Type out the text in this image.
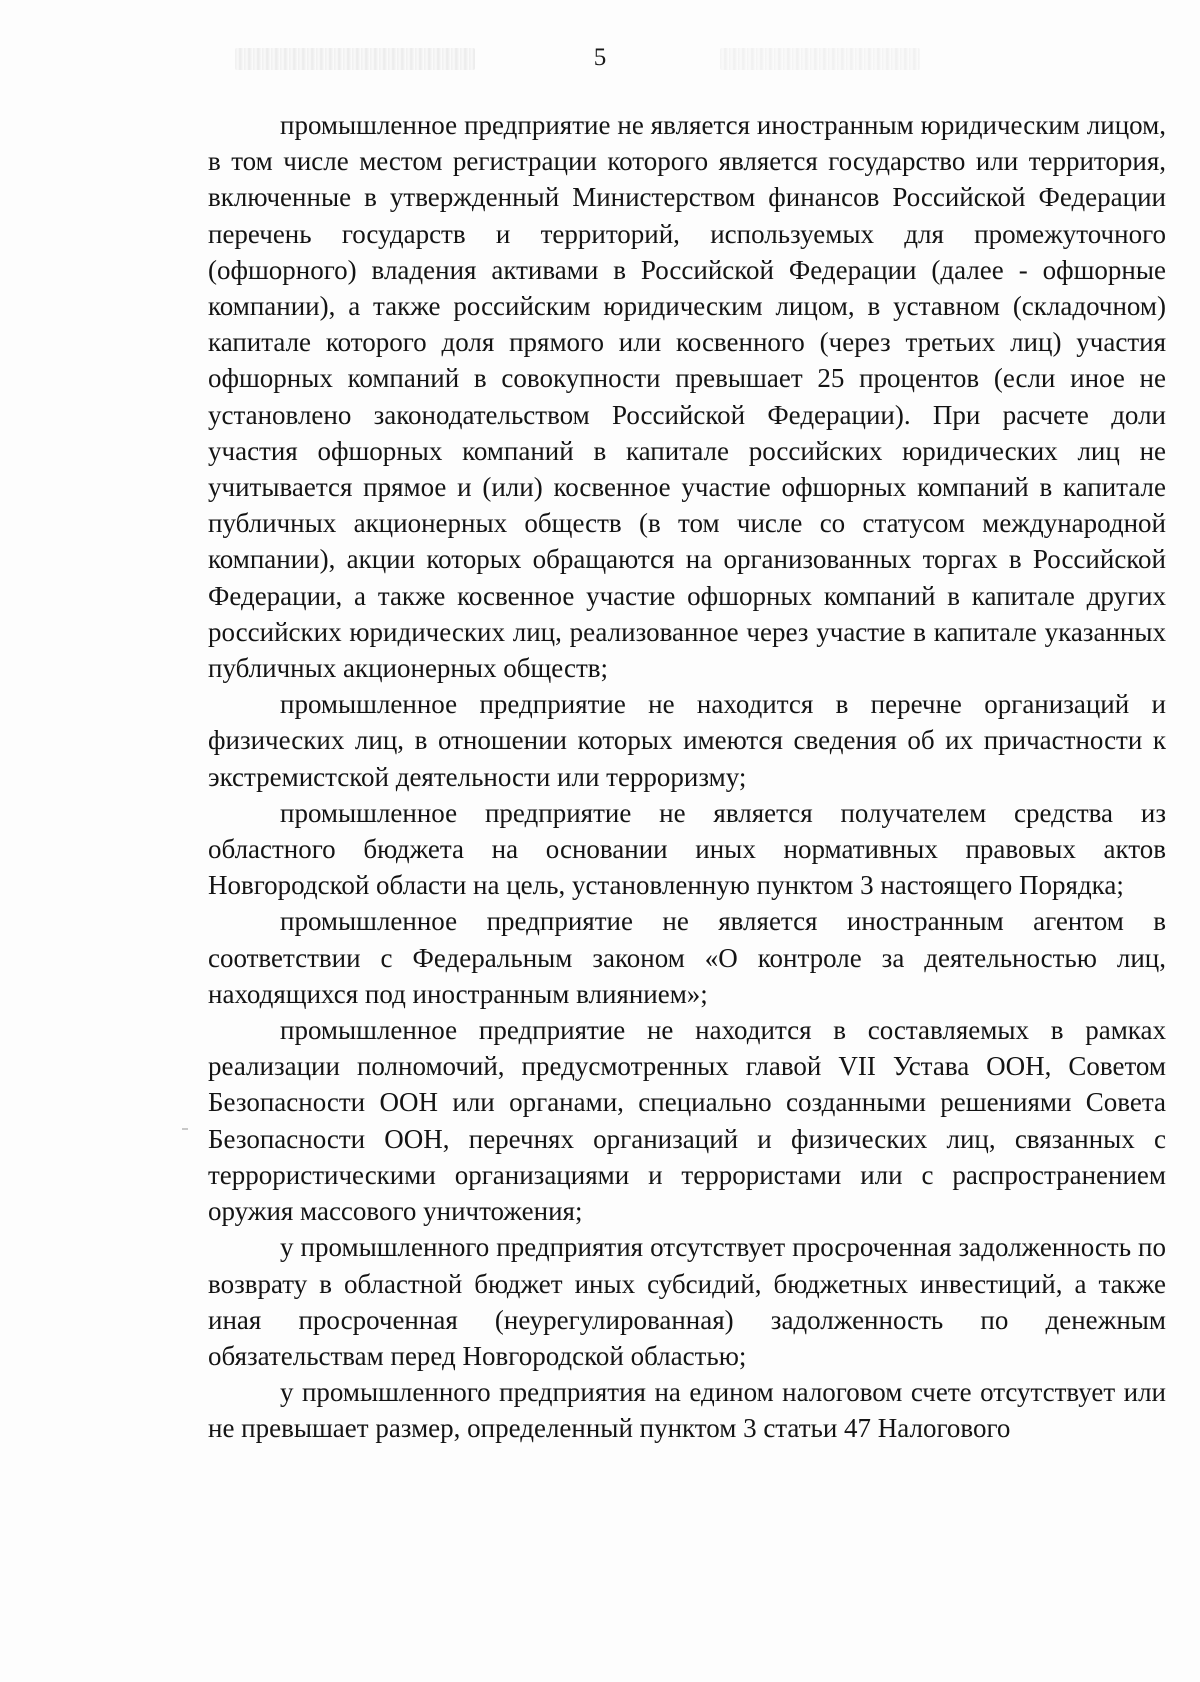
5

промышленное предприятие не является иностранным юридическим лицом, в том числе местом регистрации которого является государство или территория, включенные в утвержденный Министерством финансов Российской Федерации перечень государств и территорий, используемых для промежуточного (офшорного) владения активами в Российской Федерации (далее - офшорные компании), а также российским юридическим лицом, в уставном (складочном) капитале которого доля прямого или косвенного (через третьих лиц) участия офшорных компаний в совокупности превышает 25 процентов (если иное не установлено законодательством Российской Федерации). При расчете доли участия офшорных компаний в капитале российских юридических лиц не учитывается прямое и (или) косвенное участие офшорных компаний в капитале публичных акционерных обществ (в том числе со статусом международной компании), акции которых обращаются на организованных торгах в Российской Федерации, а также косвенное участие офшорных компаний в капитале других российских юридических лиц, реализованное через участие в капитале указанных публичных акционерных обществ;

промышленное предприятие не находится в перечне организаций и физических лиц, в отношении которых имеются сведения об их причастности к экстремистской деятельности или терроризму;

промышленное предприятие не является получателем средства из областного бюджета на основании иных нормативных правовых актов Новгородской области на цель, установленную пунктом 3 настоящего Порядка;

промышленное предприятие не является иностранным агентом в соответствии с Федеральным законом «О контроле за деятельностью лиц, находящихся под иностранным влиянием»;

промышленное предприятие не находится в составляемых в рамках реализации полномочий, предусмотренных главой VII Устава ООН, Советом Безопасности ООН или органами, специально созданными решениями Совета Безопасности ООН, перечнях организаций и физических лиц, связанных с террористическими организациями и террористами или с распространением оружия массового уничтожения;

у промышленного предприятия отсутствует просроченная задолженность по возврату в областной бюджет иных субсидий, бюджетных инвестиций, а также иная просроченная (неурегулированная) задолженность по денежным обязательствам перед Новгородской областью;

у промышленного предприятия на едином налоговом счете отсутствует или не превышает размер, определенный пунктом 3 статьи 47 Налогового
